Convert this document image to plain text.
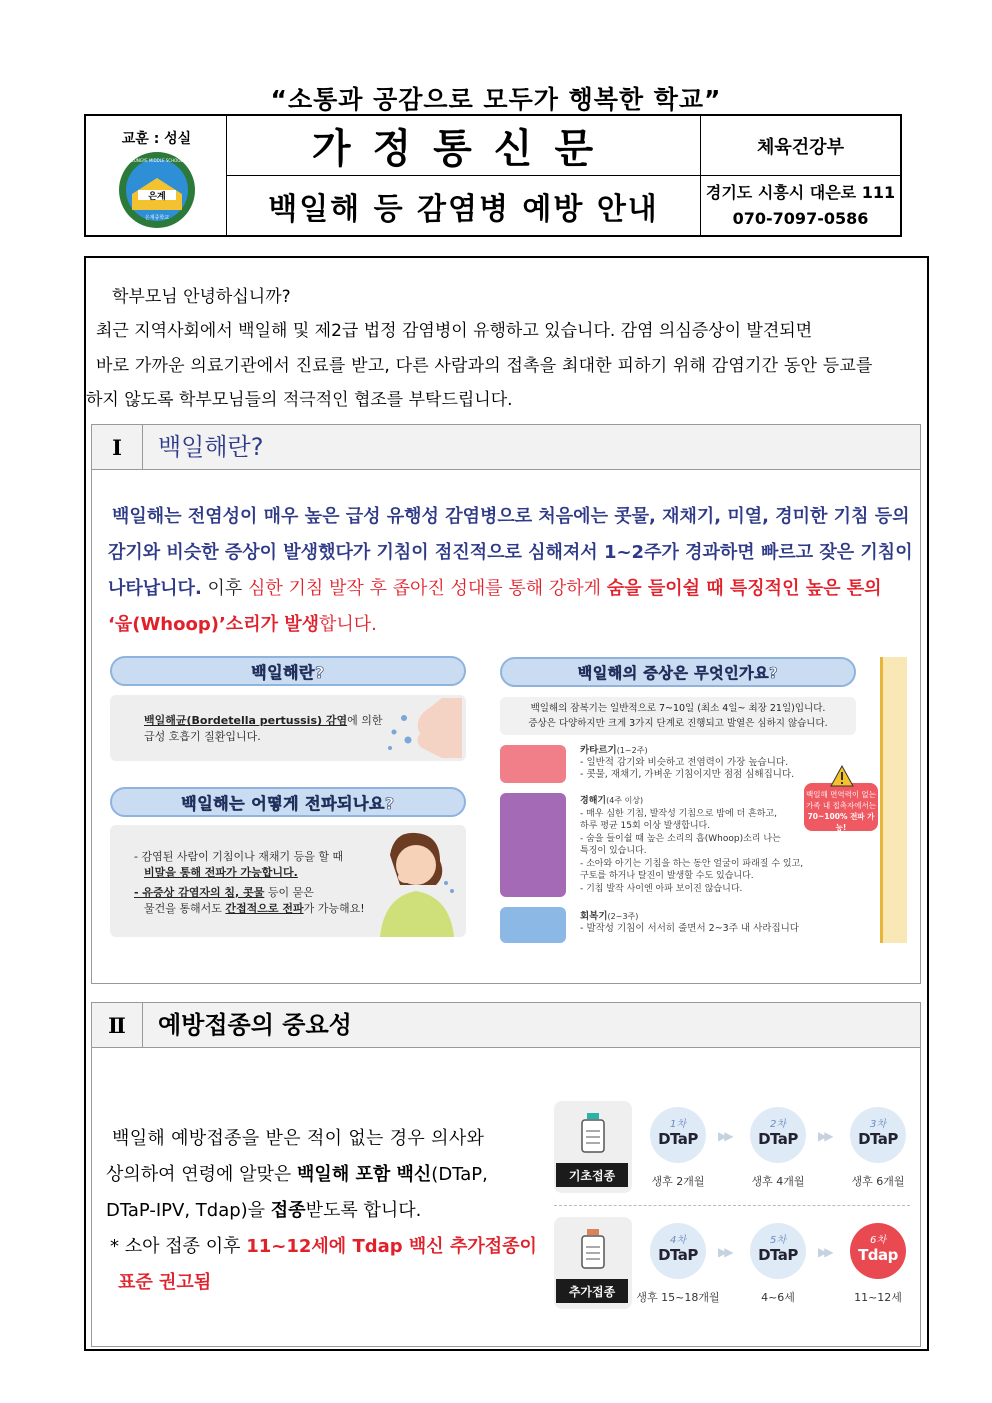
“소통과 공감으로 모두가 행복한 학교”
교훈 : 성실
은계
은계중학교
EUNGYE MIDDLE SCHOOL	가정통신문
백일해 등 감염병 예방 안내
체육건강부
경기도 시흥시 대은로 111
070-7097-0586
학부모님 안녕하십니까?
최근 지역사회에서 백일해 및 제2급 법정 감염병이 유행하고 있습니다. 감염 의심증상이 발견되면
바로 가까운 의료기관에서 진료를 받고, 다른 사람과의 접촉을 최대한 피하기 위해 감염기간 동안 등교를
하지 않도록 학부모님들의 적극적인 협조를 부탁드립니다.
Ⅰ	백일해란?
백일해는 전염성이 매우 높은 급성 유행성 감염병으로 처음에는 콧물, 재채기, 미열, 경미한 기침 등의
감기와 비슷한 증상이 발생했다가 기침이 점진적으로 심해져서 1~2주가 경과하면 빠르고 잦은 기침이
나타납니다. 이후 심한 기침 발작 후 좁아진 성대를 통해 강하게 숨을 들이쉴 때 특징적인 높은 톤의
‘웁(Whoop)’소리가 발생합니다.
백일해란?
백일해균(Bordetella pertussis) 감염에 의한
급성 호흡기 질환입니다.
백일해는 어떻게 전파되나요?
- 감염된 사람이 기침이나 재채기 등을 할 때
비말을 통해 전파가 가능합니다.
- 유증상 감염자의 침, 콧물 등이 묻은
물건을 통해서도 간접적으로 전파가 가능해요!
백일해의 증상은 무엇인가요?
백일해의 잠복기는 일반적으로 7~10일 (최소 4일~ 최장 21일)입니다.
증상은 다양하지만 크게 3가지 단계로 진행되고 발열은 심하지 않습니다.
카타르기(1~2주)
- 일반적 감기와 비슷하고 전염력이 가장 높습니다.
- 콧물, 재채기, 가벼운 기침이지만 점점 심해집니다.
경해기(4주 이상)
- 매우 심한 기침, 발작성 기침으로 밤에 더 흔하고,
하루 평균 15회 이상 발생합니다.
- 숨을 들이쉴 때 높은 소리의 흡(Whoop)소리 나는
특징이 있습니다.
- 소아와 아기는 기침을 하는 동안 얼굴이 파래질 수 있고,
구토를 하거나 탈진이 발생할 수도 있습니다.
- 기침 발작 사이엔 아파 보이진 않습니다.
회복기(2~3주)
- 발작성 기침이 서서히 줄면서 2~3주 내 사라집니다
백일해 면역력이 없는
가족 내 접촉자에서는
70~100% 전파 가능!
Ⅱ	예방접종의 중요성
백일해 예방접종을 받은 적이 없는 경우 의사와
상의하여 연령에 알맞은 백일해 포함 백신(DTaP,
DTaP-IPV, Tdap)을 접종받도록 합니다.
* 소아 접종 이후 11~12세에 Tdap 백신 추가접종이
표준 권고됨
기초접종
1차
DTaP
생후 2개월
▶▶
2차
DTaP
생후 4개월
▶▶
3차
DTaP
생후 6개월
추가접종
4차
DTaP
생후 15~18개월
▶▶
5차
DTaP
4~6세
▶▶
6차
Tdap
11~12세
